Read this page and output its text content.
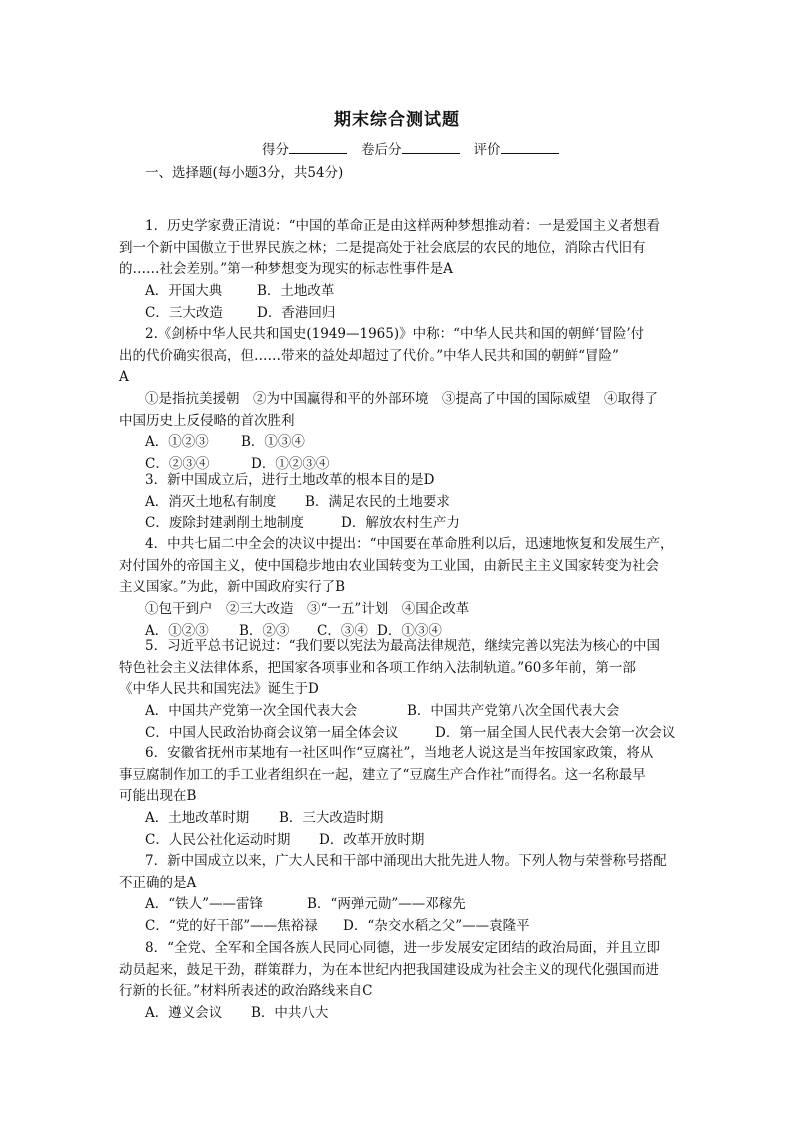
期末综合测试题
得分	卷后分	评价
一、选择题(每小题3分，共54分)
1．历史学家费正清说：“中国的革命正是由这样两种梦想推动着：一是爱国主义者想看
到一个新中国傲立于世界民族之林；二是提高处于社会底层的农民的地位，消除古代旧有
的……社会差别。”第一种梦想变为现实的标志性事件是A
A．开国大典	B．土地改革
C．三大改造	D．香港回归
2.《剑桥中华人民共和国史(1949—1965)》中称：“中华人民共和国的朝鲜‘冒险’付
出的代价确实很高，但……带来的益处却超过了代价。”中华人民共和国的朝鲜“冒险”
A
①是指抗美援朝　②为中国赢得和平的外部环境　③提高了中国的国际威望　④取得了
中国历史上反侵略的首次胜利
A．①②③ B．①③④
C．②③④	D．①②③④
3．新中国成立后，进行土地改革的根本目的是D
A．消灭土地私有制度 B．满足农民的土地要求
C．废除封建剥削土地制度	D．解放农村生产力
4．中共七届二中全会的决议中提出：“中国要在革命胜利以后，迅速地恢复和发展生产，
对付国外的帝国主义，使中国稳步地由农业国转变为工业国，由新民主主义国家转变为社会
主义国家。”为此，新中国政府实行了B
①包干到户　②三大改造　③“一五”计划　④国企改革
A．①②③ B．②③ C．③④ D．①③④
5．习近平总书记说过：“我们要以宪法为最高法律规范，继续完善以宪法为核心的中国
特色社会主义法律体系，把国家各项事业和各项工作纳入法制轨道。”60多年前，第一部
《中华人民共和国宪法》诞生于D
A．中国共产党第一次全国代表大会	B．中国共产党第八次全国代表大会
C．中国人民政治协商会议第一届全体会议	D．第一届全国人民代表大会第一次会议
6．安徽省抚州市某地有一社区叫作“豆腐社”，当地老人说这是当年按国家政策，将从
事豆腐制作加工的手工业者组织在一起，建立了“豆腐生产合作社”而得名。这一名称最早
可能出现在B
A．土地改革时期 B．三大改造时期
C．人民公社化运动时期 D．改革开放时期
7．新中国成立以来，广大人民和干部中涌现出大批先进人物。下列人物与荣誉称号搭配
不正确的是A
A．“铁人”——雷锋	B．“两弹元勋”——邓稼先
C．“党的好干部”——焦裕禄 D．“杂交水稻之父”——袁隆平
8．“全党、全军和全国各族人民同心同德，进一步发展安定团结的政治局面，并且立即
动员起来，鼓足干劲，群策群力，为在本世纪内把我国建设成为社会主义的现代化强国而进
行新的长征。”材料所表述的政治路线来自C
A．遵义会议 B．中共八大
